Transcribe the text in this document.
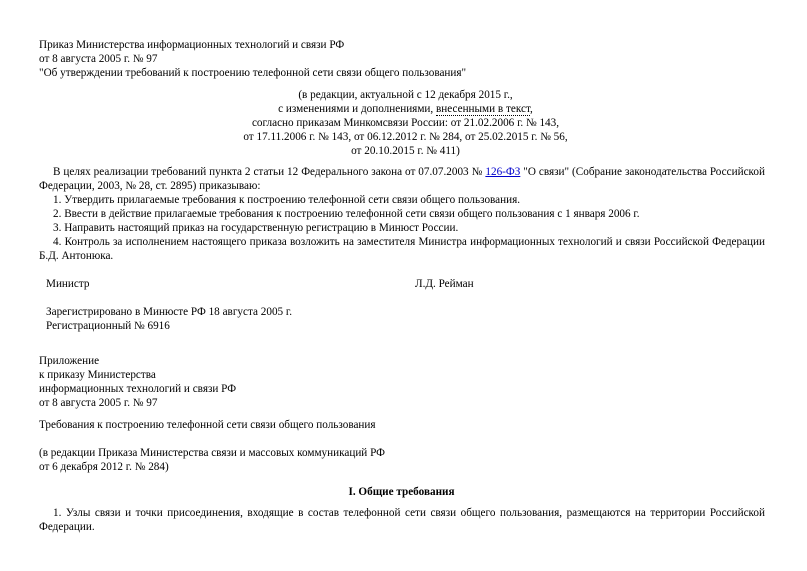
Приказ Министерства информационных технологий и связи РФ
от 8 августа 2005 г. № 97
"Об утверждении требований к построению телефонной сети связи общего пользования"
(в редакции, актуальной с 12 декабря 2015 г.,
с изменениями и дополнениями, внесенными в текст,
согласно приказам Минкомсвязи России: от 21.02.2006 г. № 143,
от 17.11.2006 г. № 143, от 06.12.2012 г. № 284, от 25.02.2015 г. № 56,
от 20.10.2015 г. № 411)
В целях реализации требований пункта 2 статьи 12 Федерального закона от 07.07.2003 № 126-ФЗ "О связи" (Собрание законодательства Российской Федерации, 2003, № 28, ст. 2895) приказываю:
1. Утвердить прилагаемые требования к построению телефонной сети связи общего пользования.
2. Ввести в действие прилагаемые требования к построению телефонной сети связи общего пользования с 1 января 2006 г.
3. Направить настоящий приказ на государственную регистрацию в Минюст России.
4. Контроль за исполнением настоящего приказа возложить на заместителя Министра информационных технологий и связи Российской Федерации Б.Д. Антонюка.
Министр	Л.Д. Рейман
Зарегистрировано в Минюсте РФ 18 августа 2005 г.
Регистрационный № 6916
Приложение
к приказу Министерства
информационных технологий и связи РФ
от 8 августа 2005 г. № 97
Требования к построению телефонной сети связи общего пользования
(в редакции Приказа Министерства связи и массовых коммуникаций РФ
от 6 декабря 2012 г. № 284)
I. Общие требования
1. Узлы связи и точки присоединения, входящие в состав телефонной сети связи общего пользования, размещаются на территории Российской Федерации.
